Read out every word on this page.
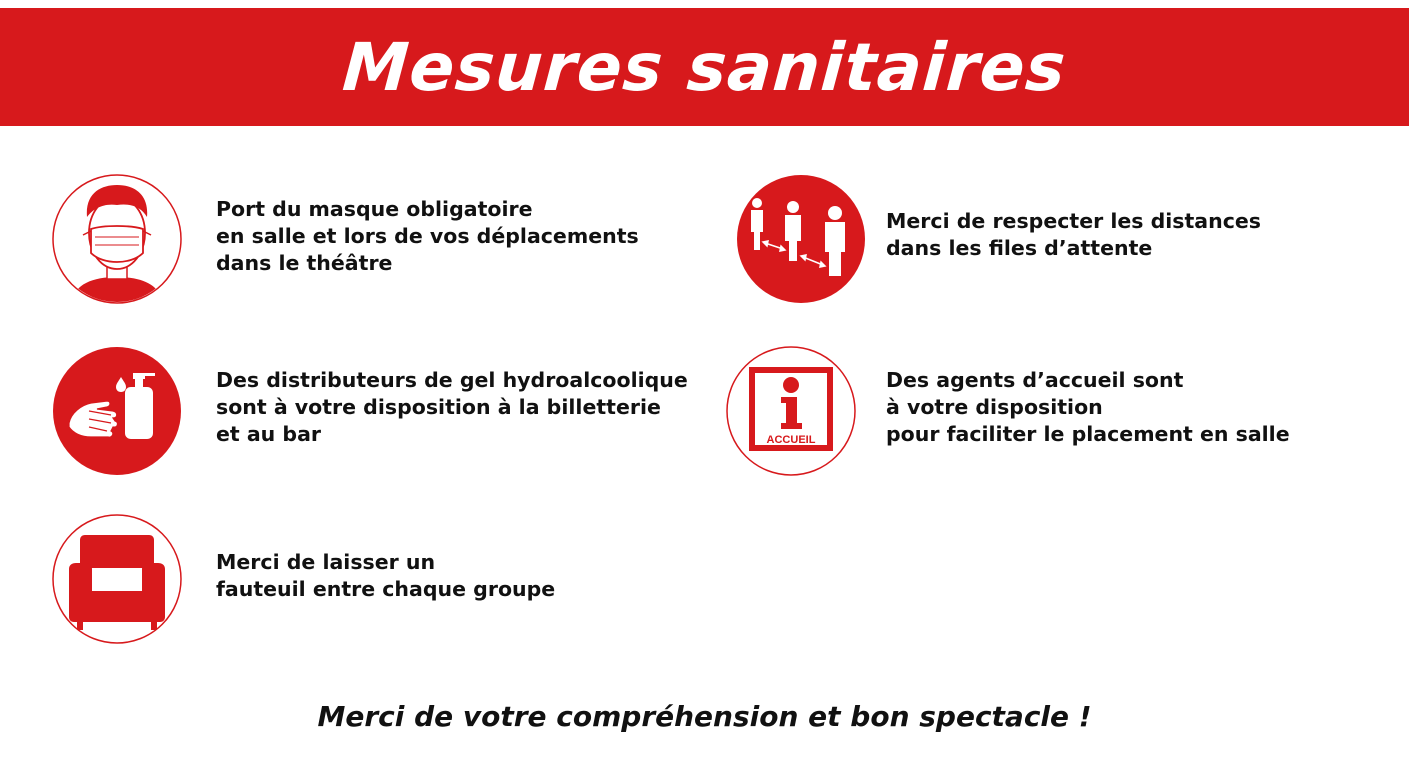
Mesures sanitaires
Port du masque obligatoire
en salle et lors de vos déplacements
dans le théâtre
Merci de respecter les distances
dans les files d’attente
Des distributeurs de gel hydroalcoolique
sont à votre disposition à la billetterie
et au bar	ACCUEIL
Des agents d’accueil sont
à votre disposition
pour faciliter le placement en salle
Merci de laisser un
fauteuil entre chaque groupe
Merci de votre compréhension et bon spectacle !
